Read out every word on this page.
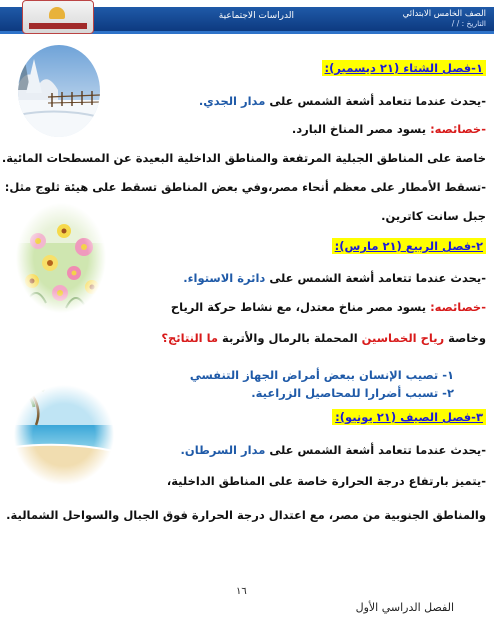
الدراسات الاجتماعية	الصف الخامس الابتدائي
التاريخ : / /
١-فصل الشتاء (٢١ ديسمبر):
-يحدث عندما تتعامد أشعة الشمس على مدار الجدي.
-خصائصه: يسود مصر المناخ البارد.
خاصة على المناطق الجبلية المرتفعة والمناطق الداخلية البعيدة عن المسطحات المائية.
-تسقط الأمطار على معظم أنحاء مصر،وفي بعض المناطق تسقط على هيئة ثلوج مثل:
جبل سانت كاترين.
٢-فصل الربيع (٢١ مارس):
-يحدث عندما تتعامد أشعة الشمس على دائرة الاستواء.
-خصائصه: يسود مصر مناخ معتدل، مع نشاط حركة الرياح
وخاصة رياح الخماسين المحملة بالرمال والأتربة ما النتائج؟
١- تصيب الإنسان ببعض أمراض الجهاز التنفسي
٢- تسبب أضرارا للمحاصيل الزراعية.
٣-فصل الصيف (٢١ يونيو):
-يحدث عندما تتعامد أشعة الشمس على مدار السرطان.
-يتميز بارتفاع درجة الحرارة خاصة على المناطق الداخلية،
والمناطق الجنوبية من مصر، مع اعتدال درجة الحرارة فوق الجبال والسواحل الشمالية.
١٦
الفصل الدراسي الأول
